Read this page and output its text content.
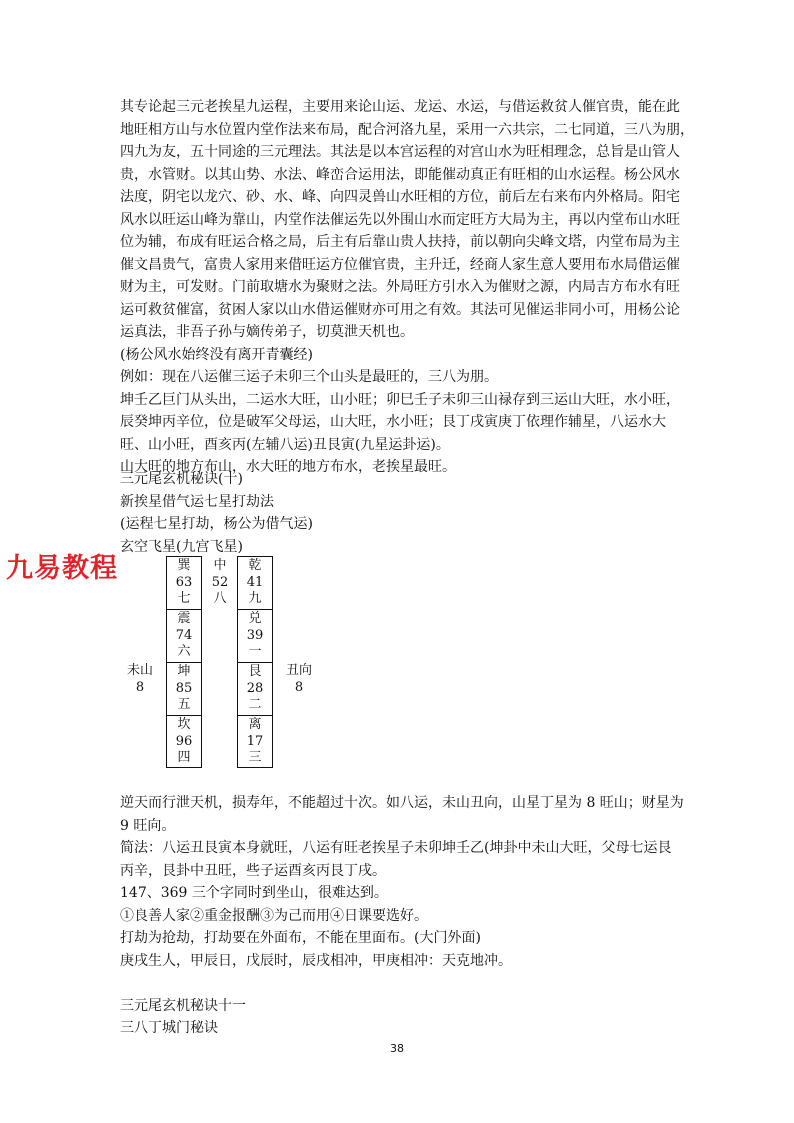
其专论起三元老挨星九运程，主要用来论山运、龙运、水运，与借运救贫人催官贵，能在此

地旺相方山与水位置内堂作法来布局，配合河洛九星，采用一六共宗，二七同道，三八为朋，

四九为友，五十同途的三元理法。其法是以本宫运程的对宫山水为旺相理念，总旨是山管人

贵，水管财。以其山势、水法、峰峦合运用法，即能催动真正有旺相的山水运程。杨公风水

法度，阴宅以龙穴、砂、水、峰、向四灵兽山水旺相的方位，前后左右来布内外格局。阳宅

风水以旺运山峰为靠山，内堂作法催运先以外围山水而定旺方大局为主，再以内堂布山水旺

位为辅，布成有旺运合格之局，后主有后靠山贵人扶持，前以朝向尖峰文塔，内堂布局为主

催文昌贵气，富贵人家用来借旺运方位催官贵，主升迁，经商人家生意人要用布水局借运催

财为主，可发财。门前取塘水为聚财之法。外局旺方引水入为催财之源，内局吉方布水有旺

运可救贫催富，贫困人家以山水借运催财亦可用之有效。其法可见催运非同小可，用杨公论

运真法，非吾子孙与嫡传弟子，切莫泄天机也。

(杨公风水始终没有离开青囊经)

例如：现在八运催三运子未卯三个山头是最旺的，三八为朋。

坤壬乙巨门从头出，二运水大旺，山小旺；卯巳壬子未卯三山禄存到三运山大旺，水小旺，

辰癸坤丙辛位，位是破军父母运，山大旺，水小旺；艮丁戌寅庚丁依理作辅星，八运水大

旺、山小旺，酉亥丙(左辅八运)丑艮寅(九星运卦运)。

山大旺的地方布山，水大旺的地方布水，老挨星最旺。

三元尾玄机秘诀(十)

新挨星借气运七星打劫法

(运程七星打劫，杨公为借气运)

玄空飞星(九宫飞星)

九易教程	巽
63
七
震
74
六
坤
85
五
坎
96
四
中
52
八
乾
41
九
兑
39
一
艮
28
二
离
17
三
未山
8
丑向
8

逆天而行泄天机，损寿年，不能超过十次。如八运，未山丑向，山星丁星为 8 旺山；财星为

9 旺向。

简法：八运丑艮寅本身就旺，八运有旺老挨星子未卯坤壬乙(坤卦中未山大旺，父母七运艮

丙辛，艮卦中丑旺，些子运酉亥丙艮丁戌。

147、369 三个字同时到坐山，很难达到。

①良善人家②重金报酬③为己而用④日课要选好。

打劫为抢劫，打劫要在外面布，不能在里面布。(大门外面)

庚戌生人，甲辰日，戊辰时，辰戌相冲，甲庚相冲：天克地冲。

三元尾玄机秘诀十一

三八丁城门秘诀

38
